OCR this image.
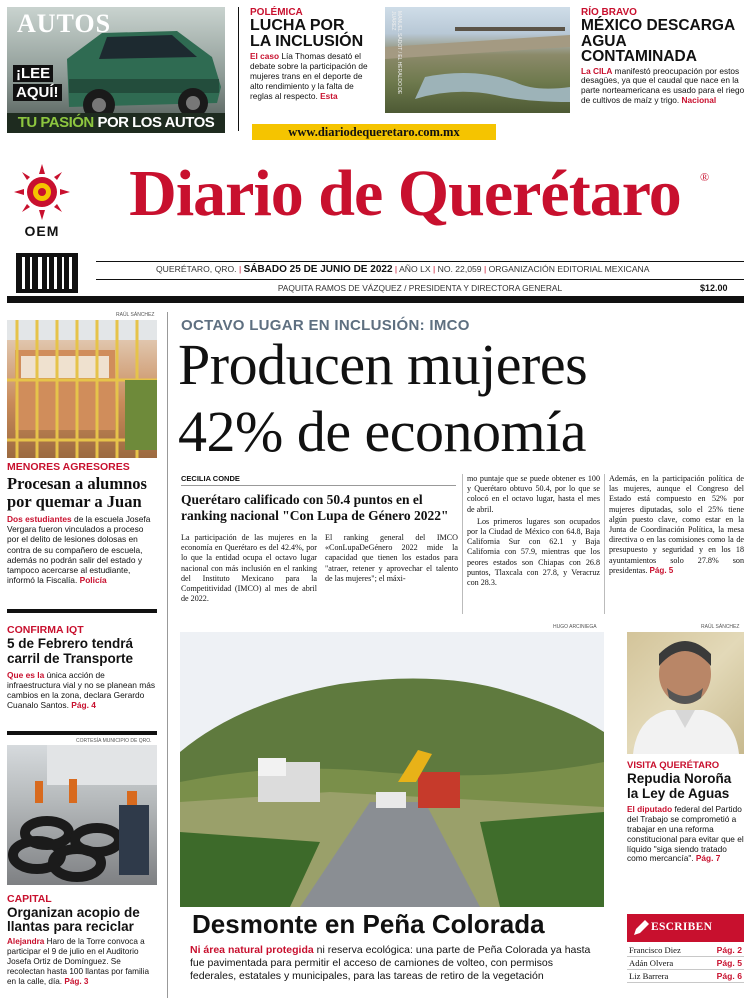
AUTOS
¡LEE
AQUÍ!
TU PASIÓN POR LOS AUTOS
POLÉMICA
LUCHA POR
LA INCLUSIÓN
El caso Lía Thomas desató el debate sobre la participación de mujeres trans en el deporte de alto rendimiento y la falta de reglas al respecto. Esta
MANUEL SADOT / EL HERALDO DE JUÁREZ	RÍO BRAVO
MÉXICO DESCARGA
AGUA CONTAMINADA
La CILA manifestó preocupación por estos desagües, ya que el caudal que nace en la parte norteamericana es usado para el riego de cultivos de maíz y trigo. Nacional
www.diariodequeretaro.com.mx
OEM
Diario de Querétaro	®
QUERÉTARO, QRO. | SÁBADO 25 DE JUNIO DE 2022 | AÑO LX | NO. 22,059 | ORGANIZACIÓN EDITORIAL MEXICANA
PAQUITA RAMOS DE VÁZQUEZ / PRESIDENTA Y DIRECTORA GENERAL	$12.00
RAÚL SÁNCHEZ
MENORES AGRESORES
Procesan a alumnos por quemar a Juan
Dos estudiantes de la escuela Josefa Vergara fueron vinculados a proceso por el delito de lesiones dolosas en contra de su compañero de escuela, además no podrán salir del estado y tampoco acercarse al estudiante, informó la Fiscalía. Policía
CONFIRMA IQT
5 de Febrero tendrá carril de Transporte
Que es la única acción de infraestructura vial y no se planean más cambios en la zona, declara Gerardo Cuanalo Santos. Pág. 4
CORTESÍA MUNICIPIO DE QRO.
CAPITAL
Organizan acopio de llantas para reciclar
Alejandra Haro de la Torre convoca a participar el 9 de julio en el Auditorio Josefa Ortiz de Domínguez. Se recolectan hasta 100 llantas por familia en la calle, día. Pág. 3
OCTAVO LUGAR EN INCLUSIÓN: IMCO
Producen mujeres
42% de economía
CECILIA CONDE
Querétaro calificado con 50.4 puntos en el ranking nacional "Con Lupa de Género 2022"
La participación de las mujeres en la economía en Querétaro es del 42.4%, por lo que la entidad ocupa el octavo lugar nacional con más inclusión en el ranking del Instituto Mexicano para la Competitividad (IMCO) al mes de abril de 2022.
El ranking general del IMCO «ConLupaDeGénero 2022 mide la capacidad que tienen los estados para "atraer, retener y aprovechar el talento de las mujeres"; el máxi-
mo puntaje que se puede obtener es 100 y Querétaro obtuvo 50.4, por lo que se colocó en el octavo lugar, hasta el mes de abril.

Los primeros lugares son ocupados por la Ciudad de México con 64.8, Baja California Sur con 62.1 y Baja California con 57.9, mientras que los peores estados son Chiapas con 26.8 puntos, Tlaxcala con 27.8, y Veracruz con 28.3.
Además, en la participación política de las mujeres, aunque el Congreso del Estado está compuesto en 52% por mujeres diputadas, solo el 25% tiene algún puesto clave, como estar en la Junta de Coordinación Política, la mesa directiva o en las comisiones como la de presupuesto y seguridad y en los 18 ayuntamientos solo 27.8% son presidentas. Pág. 5
HUGO ARCINIEGA
Desmonte en Peña Colorada
Ni área natural protegida ni reserva ecológica: una parte de Peña Colorada ya hasta fue pavimentada para permitir el acceso de camiones de volteo, con permisos federales, estatales y municipales, para las tareas de retiro de la vegetación
RAÚL SÁNCHEZ
VISITA QUERÉTARO
Repudia Noroña la Ley de Aguas
El diputado federal del Partido del Trabajo se comprometió a trabajar en una reforma constitucional para evitar que el líquido "siga siendo tratado como mercancía". Pág. 7
ESCRIBEN
Francisco Diez	Pág. 2
Adán Olvera	Pág. 5
Liz Barrera	Pág. 6
